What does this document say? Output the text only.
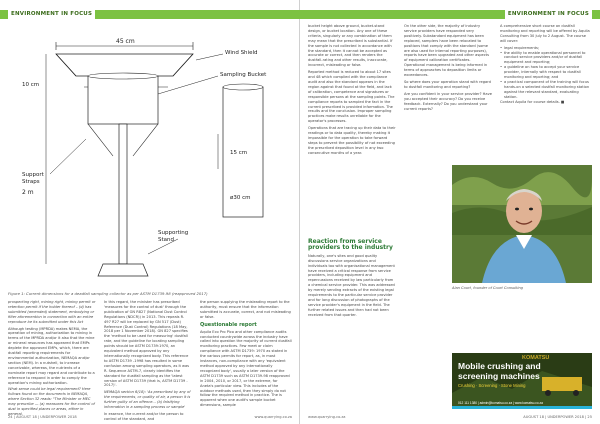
ENVIRONMENT IN FOCUS
45 cm
Wind Shield
10 cm
Sampling Bucket
Support
Straps
15 cm
ø30 cm
2 m
Supporting
Stand
Figure 1: Current dimensions for a deadfall sampling collector as per ASTM D1739-98 (reapproved 2017)

prospecting right, mining right, mining permit or retention permit if the holder thereof – (d) has submitted (amended) statement, embodying or filter aforemention in connection with an entire reproduce be its submitted under this Act

Although testing (MPRDA) makes NEMA, the operation of mining, authorization to mining in terms of the MPRDA and/or it also that the mine or mineral resources has appeared that EMPs deplete the approved EMPs, which, there are dustfall reporting requirements for environmental authorization, NEMAQA and/or section (NEM). In a nutshell, to increase conceivable, whereas, the nutrients of a nominate report may regard and contribute to a reference to respond in order to comply the operation's mining authorization.

What sense could be legal requirement? Here follows found on the documents in NEMAQA, where Section 32 reads: "The Minister or MEC may prescribe — (a) measures for the control of dust in specified places or areas, either in general.

In this regard, the minister has prescribed 'measures for the control of dust' through the publication of GN R827 (National Dust Control Regulations (NDCR)) in 2013. This repeals R. 497 R27 will be replaced by GN 517 (Dust) Reference (Dust Control) Regulations (18 May, 2018 per 1 November 2018). GN 827 specifies the 'method to be used for measuring' dustfall rate, and the guideline for locating sampling points should be ASTM D1739:1970, an equivalent method approved by any internationally recognized body. This reference to ASTM D1739 ‑1998 has resulted in some confusion among sampling operators, as it was R. Sequence ASTM-7, clearly identifies the standard for dustfall sampling as the 'latest version of ASTM D1739 (that is, ASTM D1739 ‑ 2017)'.

NEMAQA section 6(18): 'As prescribed by any of the requirements, or quality of air, a person it is further guilty of an offence... (b) falsifying information in a sampling process or sample'

In essence, the current and/or the person to control of the standard, and

the person supplying the misleading report to the authority, must ensure that the information submitted is accurate, correct, and not misleading or false.

Questionable report

Aquila Eco Pro Pico and other compliance audits conducted countrywide across the industry have called into question the majority of current dustfall monitoring practices. Few meet or claim compliance with ASTM D1739: 1970 as stated in the various permits for report, as, in most instances, non-compliance with any 'equivalent method approved by any internationally recognized body', usually a later version of the ASTM D1739 such as ASTM D1739-98 reapproved in 2004, 2010, or 2017, or the extreme, for Aneta's particular view. This includes of the outdoor methods used, then they simply do not follow the required method in practice. The is apparent when one audit's sample bucket dimensions, sample

24 | AUGUST 18 | UNDERPOWER 2018	www.quarrying.co.za
ENVIRONMENT IN FOCUS

bucket height above ground, bucket-stand design, or bucket location. Any one of these criteria, singularly or any combination of them may mean that the prescribed is substantial. If the sample is not collected in accordance with the standard, then it cannot be accepted as accurate or correct, and then renders the dustfall-rating and other results, inaccurate, incorrect, misleading or false.

Reported method is reduced to about 17 sites and 48 which complied with the compliance audit and also the standard appears in the region against that found at the field, and lack of calibration, competence and signatures or responsible persons at the sampling points. The compliance reports to sampled the fact in the current prescribed is provided information. The results and the conclusion. Improper sampling practices make results unreliable for the operator's processes.

Operations that are tracing up their data to their readings or to data quality, thereby making it impossible for the operation to take forward steps to prevent the possibility of not exceeding the prescribed deposition level in any two consecutive months of a year.

Reaction from service providers to the industry

Naturally, one's sites and good quality discussions service organizations and individuals too with organisational management have received a critical response from service providers, including equipment and repercussions received by law particularly from a chemical service provider. This was addressed by merely sending extracts of the existing legal requirements to the particular service provider and for long discussion of photographs of the service provider's equipment in the field. The further related issues and then had not been received from that quarter.

On the other side, the majority of industry service providers have responded very positively. Substandard equipment has been replaced, samplers have been relocated to positions that comply with the standard (some are also used for internal reporting purposes), reports have been upgraded and other aspects of equipment calibration certificates. Operational management is being informed in terms of approaches to deposition limits or exceedances.

So where does your operation stand with regard to dustfall monitoring and reporting?

Are you confident in your service provider? Have you accepted their accuracy? Do you receive feedback. Externally? Do you understand your current reports?

A comprehensive short course on dustfall monitoring and reporting will be offered by Aquila Consulting from 30 July to 2 August. The course will cover:

• legal requirements;
• the ability to enable operational personnel to conduct service providers and/or of dustfall equipment and reporting;
• a guideline on how to accept your service provider, internally with respect to dustfall monitoring and reporting; and
• a practical component of the training will focus hands-on a selected dustfall monitoring station against the relevant standard, evaluating station.

Contact Aquila for course details. ■

www.quarrying.co.za	AUGUST 18 | UNDERPOWER 2018 | 25
Alan Court, founder of Court Consulting
KOMATSU
Mobile crushing and
screening machines
Crushing · Screening · Stone Mining
012 111 1380 | admin@komatsu.co.za | www.komatsu.co.za
